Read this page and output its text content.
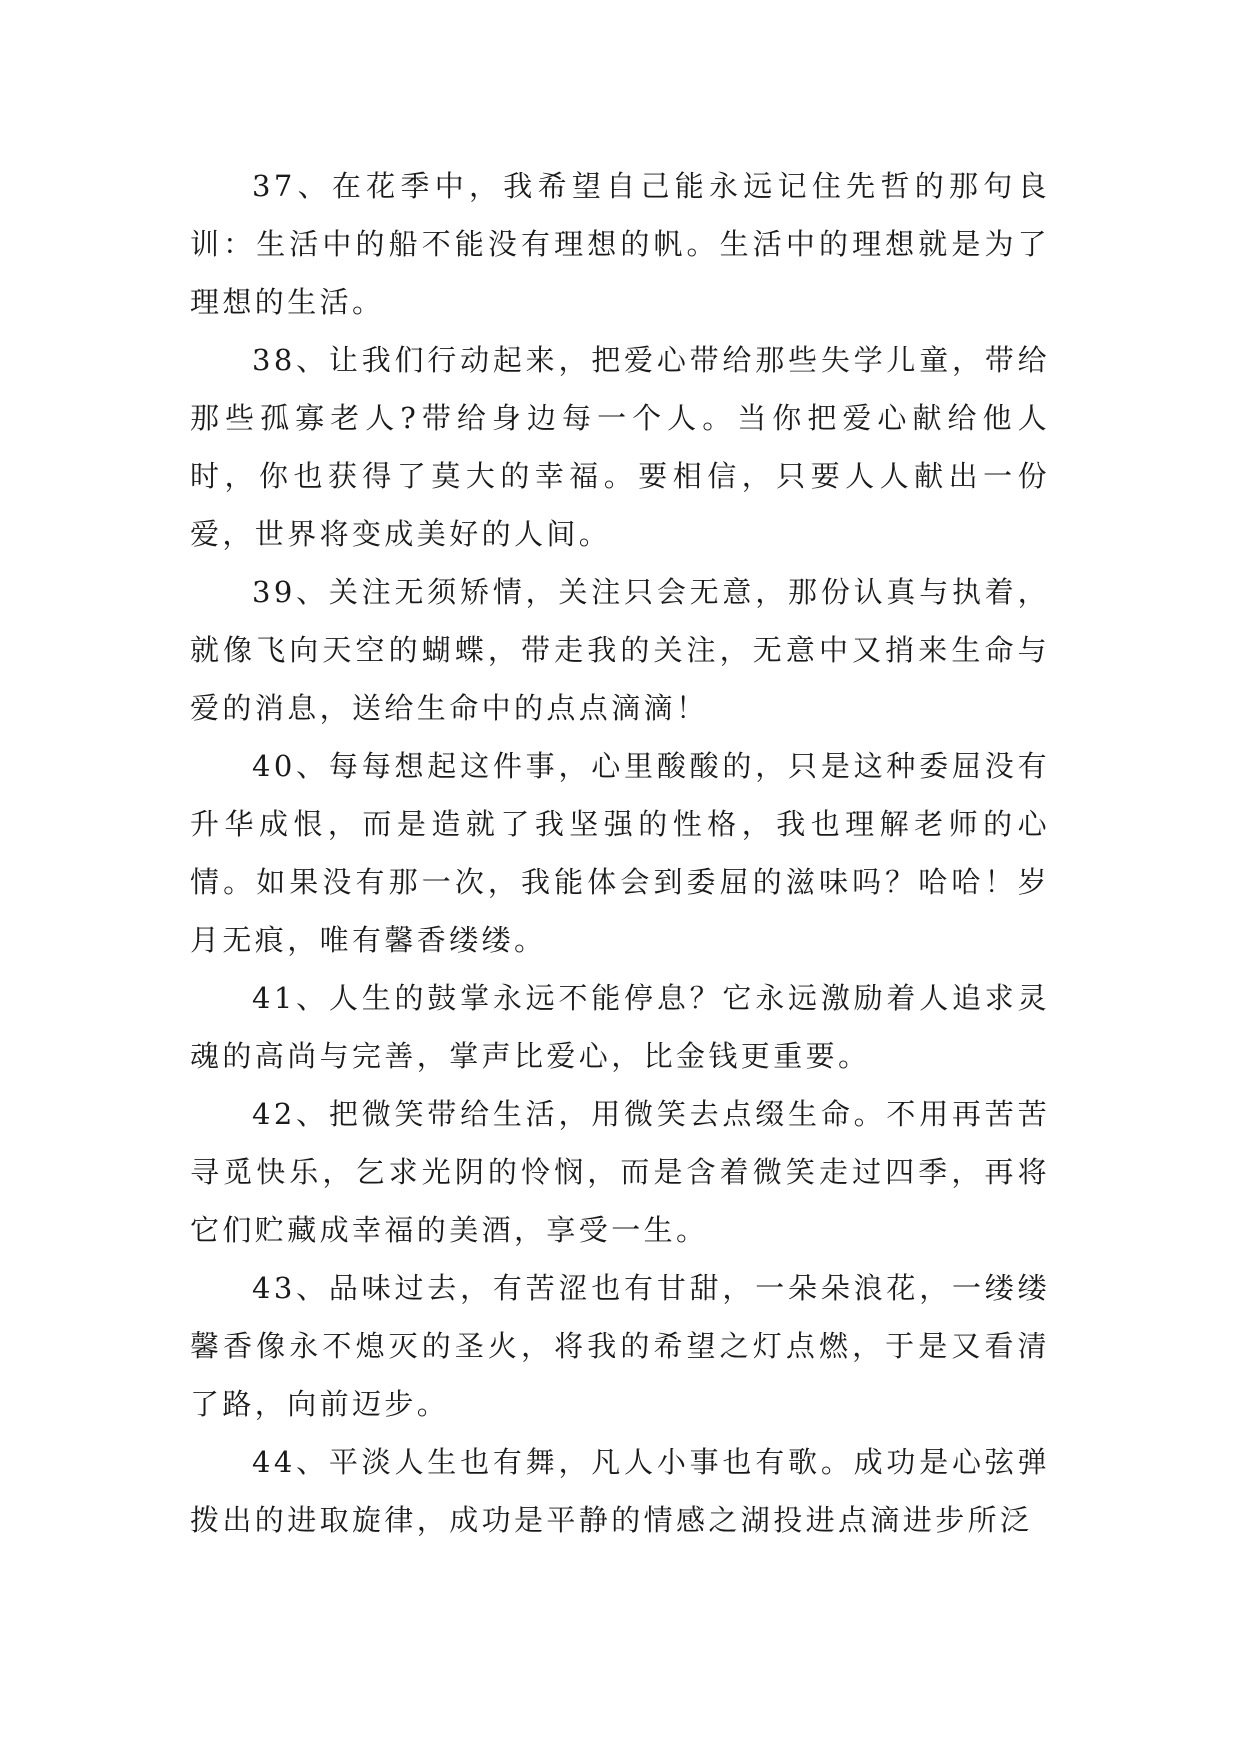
37、在花季中，我希望自己能永远记住先哲的那句良训：生活中的船不能没有理想的帆。生活中的理想就是为了理想的生活。

38、让我们行动起来，把爱心带给那些失学儿童，带给那些孤寡老人?带给身边每一个人。当你把爱心献给他人时，你也获得了莫大的幸福。要相信，只要人人献出一份爱，世界将变成美好的人间。

39、关注无须矫情，关注只会无意，那份认真与执着，就像飞向天空的蝴蝶，带走我的关注，无意中又捎来生命与爱的消息，送给生命中的点点滴滴！

40、每每想起这件事，心里酸酸的，只是这种委屈没有升华成恨，而是造就了我坚强的性格，我也理解老师的心情。如果没有那一次，我能体会到委屈的滋味吗？哈哈！岁月无痕，唯有馨香缕缕。

41、人生的鼓掌永远不能停息？它永远激励着人追求灵魂的高尚与完善，掌声比爱心，比金钱更重要。

42、把微笑带给生活，用微笑去点缀生命。不用再苦苦寻觅快乐，乞求光阴的怜悯，而是含着微笑走过四季，再将它们贮藏成幸福的美酒，享受一生。

43、品味过去，有苦涩也有甘甜，一朵朵浪花，一缕缕馨香像永不熄灭的圣火，将我的希望之灯点燃，于是又看清了路，向前迈步。

44、平淡人生也有舞，凡人小事也有歌。成功是心弦弹拨出的进取旋律，成功是平静的情感之湖投进点滴进步所泛
